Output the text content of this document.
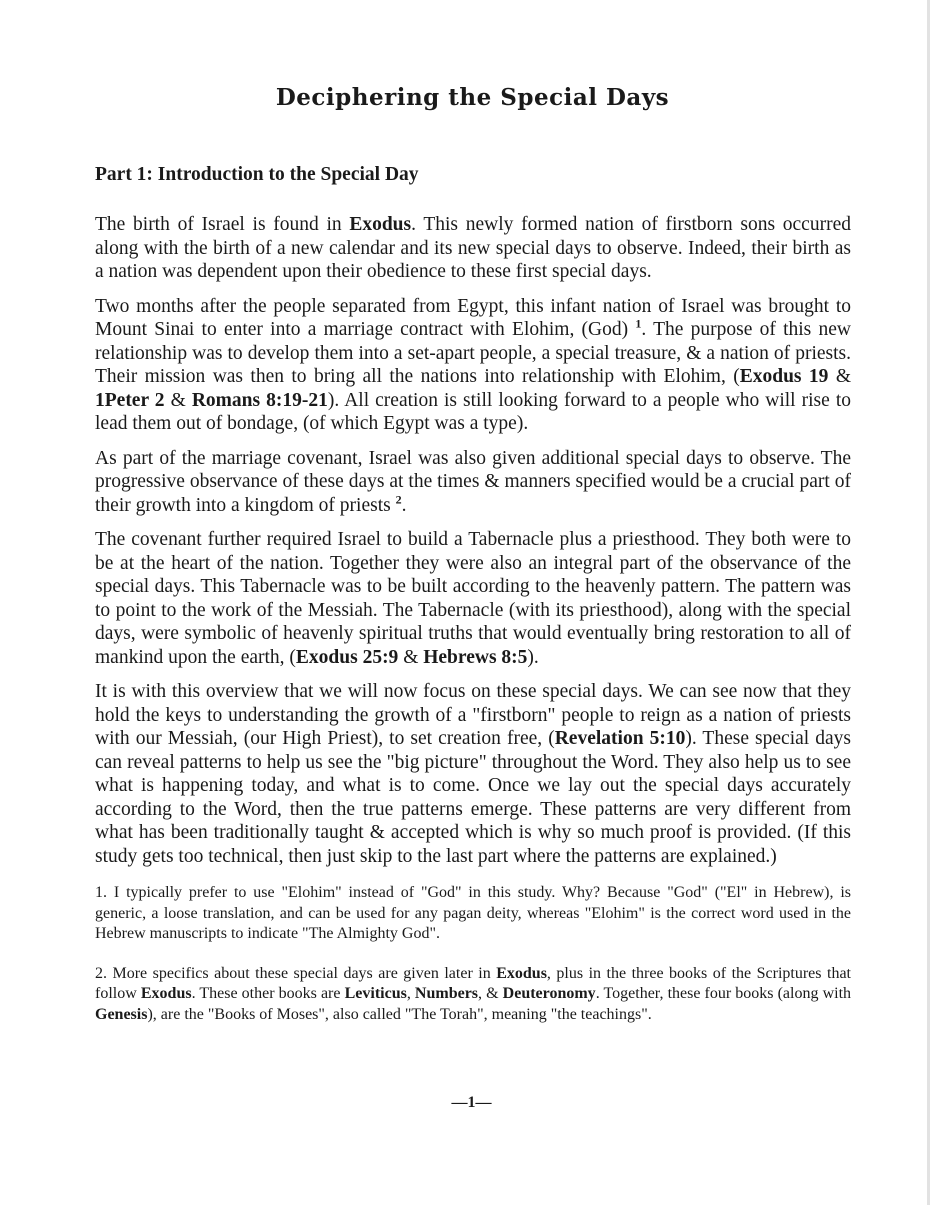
Deciphering the Special Days
Part 1: Introduction to the Special Day

The birth of Israel is found in Exodus. This newly formed nation of firstborn sons occurred along with the birth of a new calendar and its new special days to observe. Indeed, their birth as a nation was dependent upon their obedience to these first special days.

Two months after the people separated from Egypt, this infant nation of Israel was brought to Mount Sinai to enter into a marriage contract with Elohim, (God) $^1$. The purpose of this new relationship was to develop them into a set-apart people, a special treasure, & a nation of priests. Their mission was then to bring all the nations into relationship with Elohim, (Exodus 19 & 1Peter 2 & Romans 8:19-21). All creation is still looking forward to a people who will rise to lead them out of bondage, (of which Egypt was a type).

As part of the marriage covenant, Israel was also given additional special days to observe. The progressive observance of these days at the times & manners specified would be a crucial part of their growth into a kingdom of priests $^2$.

The covenant further required Israel to build a Tabernacle plus a priesthood. They both were to be at the heart of the nation. Together they were also an integral part of the observance of the special days. This Tabernacle was to be built according to the heavenly pattern. The pattern was to point to the work of the Messiah. The Tabernacle (with its priesthood), along with the special days, were symbolic of heavenly spiritual truths that would eventually bring restoration to all of mankind upon the earth, (Exodus 25:9 & Hebrews 8:5).

It is with this overview that we will now focus on these special days. We can see now that they hold the keys to understanding the growth of a "firstborn" people to reign as a nation of priests with our Messiah, (our High Priest), to set creation free, (Revelation 5:10). These special days can reveal patterns to help us see the "big picture" throughout the Word. They also help us to see what is happening today, and what is to come. Once we lay out the special days accurately according to the Word, then the true patterns emerge. These patterns are very different from what has been traditionally taught & accepted which is why so much proof is provided. (If this study gets too technical, then just skip to the last part where the patterns are explained.)

1. I typically prefer to use "Elohim" instead of "God" in this study. Why? Because "God" ("El" in Hebrew), is generic, a loose translation, and can be used for any pagan deity, whereas "Elohim" is the correct word used in the Hebrew manuscripts to indicate "The Almighty God".

2. More specifics about these special days are given later in Exodus, plus in the three books of the Scriptures that follow Exodus. These other books are Leviticus, Numbers, & Deuteronomy. Together, these four books (along with Genesis), are the "Books of Moses", also called "The Torah", meaning "the teachings".

—1—
